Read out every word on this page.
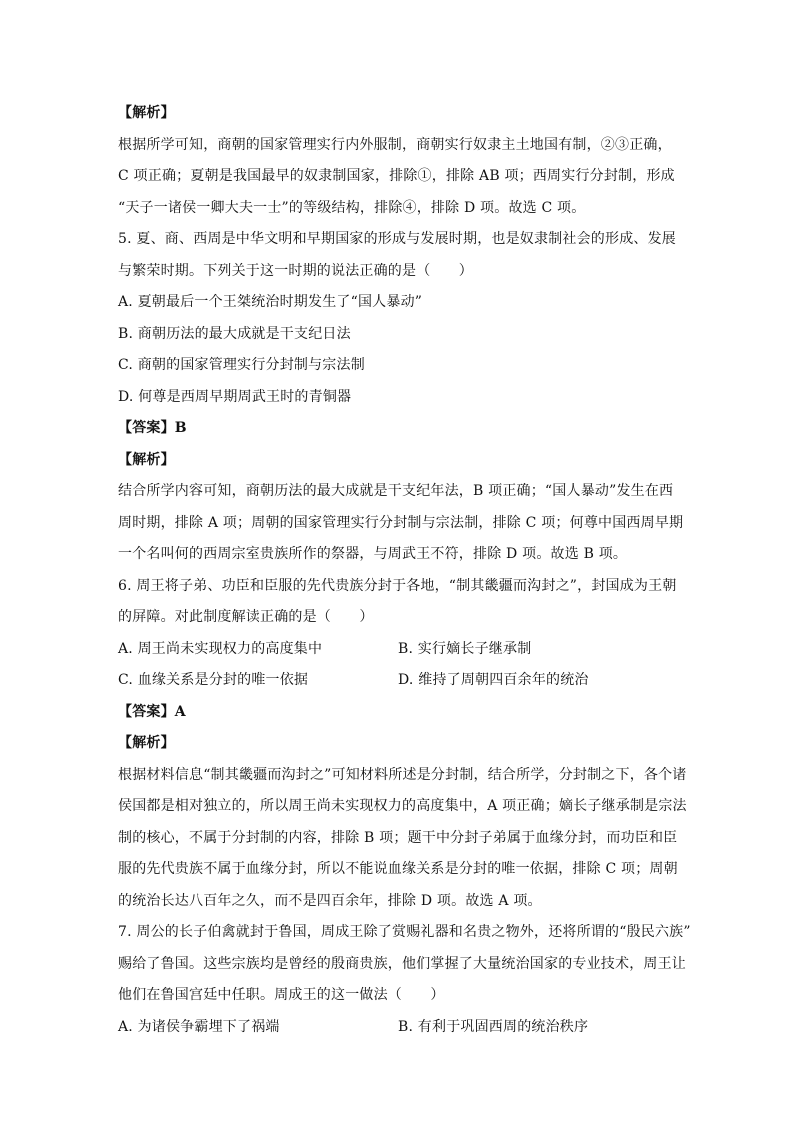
【解析】
根据所学可知，商朝的国家管理实行内外服制，商朝实行奴隶主土地国有制，②③正确，
C 项正确；夏朝是我国最早的奴隶制国家，排除①，排除 AB 项；西周实行分封制，形成
“天子一诸侯一卿大夫一士”的等级结构，排除④，排除 D 项。故选 C 项。
5. 夏、商、西周是中华文明和早期国家的形成与发展时期，也是奴隶制社会的形成、发展
与繁荣时期。下列关于这一时期的说法正确的是（　　）
A. 夏朝最后一个王桀统治时期发生了“国人暴动”
B. 商朝历法的最大成就是干支纪日法
C. 商朝的国家管理实行分封制与宗法制
D. 何尊是西周早期周武王时的青铜器
【答案】B
【解析】
结合所学内容可知，商朝历法的最大成就是干支纪年法，B 项正确；“国人暴动”发生在西
周时期，排除 A 项；周朝的国家管理实行分封制与宗法制，排除 C 项；何尊中国西周早期
一个名叫何的西周宗室贵族所作的祭器，与周武王不符，排除 D 项。故选 B 项。
6. 周王将子弟、功臣和臣服的先代贵族分封于各地，“制其畿疆而沟封之”，封国成为王朝
的屏障。对此制度解读正确的是（　　）
A. 周王尚未实现权力的高度集中	B. 实行嫡长子继承制
C. 血缘关系是分封的唯一依据	D. 维持了周朝四百余年的统治
【答案】A
【解析】
根据材料信息“制其畿疆而沟封之”可知材料所述是分封制，结合所学，分封制之下，各个诸
侯国都是相对独立的，所以周王尚未实现权力的高度集中，A 项正确；嫡长子继承制是宗法
制的核心，不属于分封制的内容，排除 B 项；题干中分封子弟属于血缘分封，而功臣和臣
服的先代贵族不属于血缘分封，所以不能说血缘关系是分封的唯一依据，排除 C 项；周朝
的统治长达八百年之久，而不是四百余年，排除 D 项。故选 A 项。
7. 周公的长子伯禽就封于鲁国，周成王除了赏赐礼器和名贵之物外，还将所谓的“殷民六族”
赐给了鲁国。这些宗族均是曾经的殷商贵族，他们掌握了大量统治国家的专业技术，周王让
他们在鲁国宫廷中任职。周成王的这一做法（　　）
A. 为诸侯争霸埋下了祸端	B. 有利于巩固西周的统治秩序
